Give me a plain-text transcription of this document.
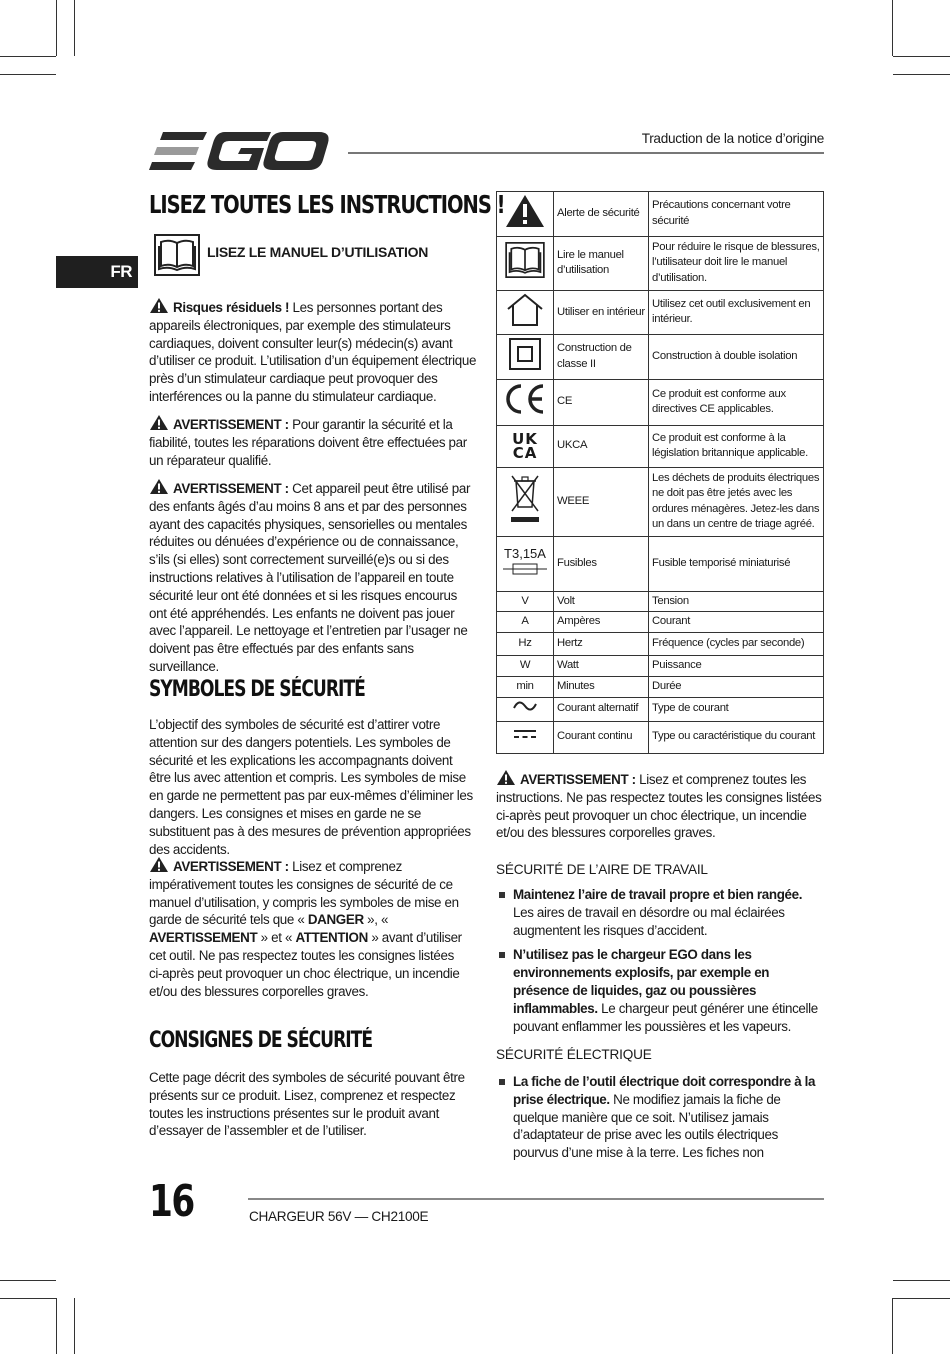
Traduction de la notice d’origine
FR
LISEZ TOUTES LES INSTRUCTIONS !
LISEZ LE MANUEL D’UTILISATION
Risques résiduels ! Les personnes portant des appareils électroniques, par exemple des stimulateurs cardiaques, doivent consulter leur(s) médecin(s) avant d’utiliser ce produit. L’utilisation d’un équipement électrique près d’un stimulateur cardiaque peut provoquer des interférences ou la panne du stimulateur cardiaque.
AVERTISSEMENT : Pour garantir la sécurité et la fiabilité, toutes les réparations doivent être effectuées par un réparateur qualifié.
AVERTISSEMENT : Cet appareil peut être utilisé par des enfants âgés d’au moins 8 ans et par des personnes ayant des capacités physiques, sensorielles ou mentales réduites ou dénuées d’expérience ou de connaissance, s’ils (si elles) sont correctement surveillé(e)s ou si des instructions relatives à l’utilisation de l’appareil en toute sécurité leur ont été données et si les risques encourus ont été appréhendés. Les enfants ne doivent pas jouer avec l’appareil. Le nettoyage et l’entretien par l’usager ne doivent pas être effectués par des enfants sans surveillance.
SYMBOLES DE SÉCURITÉ
L’objectif des symboles de sécurité est d’attirer votre attention sur des dangers potentiels. Les symboles de sécurité et les explications les accompagnants doivent être lus avec attention et compris. Les symboles de mise en garde ne permettent pas par eux-mêmes d’éliminer les dangers. Les consignes et mises en garde ne se substituent pas à des mesures de prévention appropriées des accidents.
AVERTISSEMENT : Lisez et comprenez impérativement toutes les consignes de sécurité de ce manuel d’utilisation, y compris les symboles de mise en garde de sécurité tels que « DANGER », « AVERTISSEMENT » et « ATTENTION » avant d’utiliser cet outil. Ne pas respectez toutes les consignes listées ci-après peut provoquer un choc électrique, un incendie et/ou des blessures corporelles graves.
CONSIGNES DE SÉCURITÉ
Cette page décrit des symboles de sécurité pouvant être présents sur ce produit. Lisez, comprenez et respectez toutes les instructions présentes sur le produit avant d’essayer de l’assembler et de l’utiliser.
	Alerte de sécurité	Précautions concernant votre sécurité
	Lire le manuel d’utilisation	Pour réduire le risque de blessures, l’utilisateur doit lire le manuel d’utilisation.
	Utiliser en intérieur	Utilisez cet outil exclusivement en intérieur.
	Construction de classe II	Construction à double isolation
	CE	Ce produit est conforme aux directives CE applicables.

UK
CA	UKCA	Ce produit est conforme à la législation britannique applicable.
	WEEE	Les déchets de produits électriques ne doit pas être jetés avec les ordures ménagères. Jetez-les dans un dans un centre de triage agréé.

T3,15A	Fusibles	Fusible temporisé miniaturisé
V	Volt	Tension
A	Ampères	Courant
Hz	Hertz	Fréquence (cycles par seconde)
W	Watt	Puissance
min	Minutes	Durée
	Courant alternatif	Type de courant
	Courant continu	Type ou caractéristique du courant
AVERTISSEMENT : Lisez et comprenez toutes les instructions. Ne pas respectez toutes les consignes listées ci-après peut provoquer un choc électrique, un incendie et/ou des blessures corporelles graves.
SÉCURITÉ DE L’AIRE DE TRAVAIL
Maintenez l’aire de travail propre et bien rangée. Les aires de travail en désordre ou mal éclairées augmentent les risques d’accident.
N’utilisez pas le chargeur EGO dans les environnements explosifs, par exemple en présence de liquides, gaz ou poussières inflammables. Le chargeur peut générer une étincelle pouvant enflammer les poussières et les vapeurs.
SÉCURITÉ ÉLECTRIQUE
La fiche de l’outil électrique doit correspondre à la prise électrique. Ne modifiez jamais la fiche de quelque manière que ce soit. N’utilisez jamais d’adaptateur de prise avec les outils électriques pourvus d’une mise à la terre. Les fiches non
16	CHARGEUR 56V — CH2100E
